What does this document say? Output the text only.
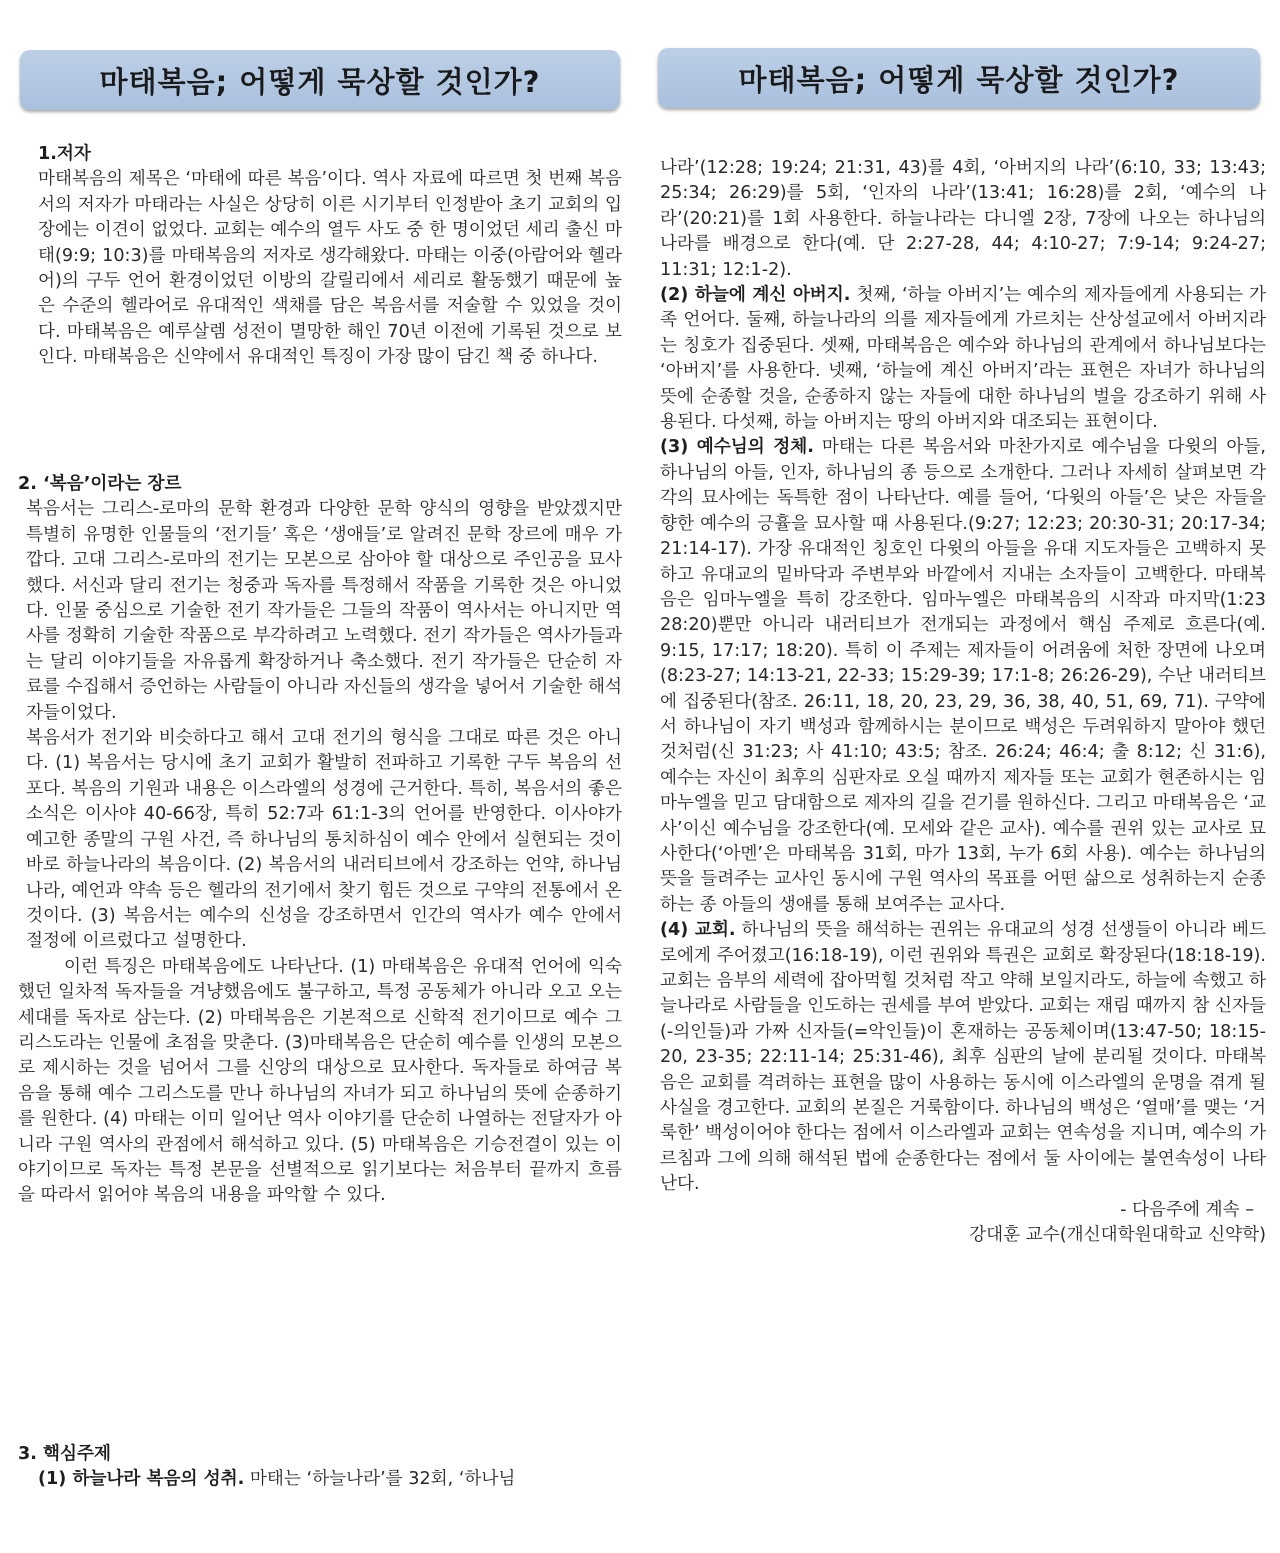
마태복음; 어떻게 묵상할 것인가?
1.저자

마태복음의 제목은 ‘마태에 따른 복음’이다. 역사 자료에 따르면 첫 번째 복음서의 저자가 마태라는 사실은 상당히 이른 시기부터 인정받아 초기 교회의 입장에는 이견이 없었다. 교회는 예수의 열두 사도 중 한 명이었던 세리 출신 마태(9:9; 10:3)를 마태복음의 저자로 생각해왔다. 마태는 이중(아람어와 헬라어)의 구두 언어 환경이었던 이방의 갈릴리에서 세리로 활동했기 때문에 높은 수준의 헬라어로 유대적인 색채를 담은 복음서를 저술할 수 있었을 것이다. 마태복음은 예루살렘 성전이 멸망한 해인 70년 이전에 기록된 것으로 보인다. 마태복음은 신약에서 유대적인 특징이 가장 많이 담긴 책 중 하나다.

2. ‘복음’이라는 장르

복음서는 그리스-로마의 문학 환경과 다양한 문학 양식의 영향을 받았겠지만 특별히 유명한 인물들의 ‘전기들’ 혹은 ‘생애들’로 알려진 문학 장르에 매우 가깝다. 고대 그리스-로마의 전기는 모본으로 삼아야 할 대상으로 주인공을 묘사했다. 서신과 달리 전기는 청중과 독자를 특정해서 작품을 기록한 것은 아니었다. 인물 중심으로 기술한 전기 작가들은 그들의 작품이 역사서는 아니지만 역사를 정확히 기술한 작품으로 부각하려고 노력했다. 전기 작가들은 역사가들과는 달리 이야기들을 자유롭게 확장하거나 축소했다. 전기 작가들은 단순히 자료를 수집해서 증언하는 사람들이 아니라 자신들의 생각을 넣어서 기술한 해석자들이었다.

복음서가 전기와 비슷하다고 해서 고대 전기의 형식을 그대로 따른 것은 아니다. (1) 복음서는 당시에 초기 교회가 활발히 전파하고 기록한 구두 복음의 선포다. 복음의 기원과 내용은 이스라엘의 성경에 근거한다. 특히, 복음서의 좋은 소식은 이사야 40-66장, 특히 52:7과 61:1-3의 언어를 반영한다. 이사야가 예고한 종말의 구원 사건, 즉 하나님의 통치하심이 예수 안에서 실현되는 것이 바로 하늘나라의 복음이다. (2) 복음서의 내러티브에서 강조하는 언약, 하나님 나라, 예언과 약속 등은 헬라의 전기에서 찾기 힘든 것으로 구약의 전통에서 온 것이다. (3) 복음서는 예수의 신성을 강조하면서 인간의 역사가 예수 안에서 절정에 이르렀다고 설명한다.

이런 특징은 마태복음에도 나타난다. (1) 마태복음은 유대적 언어에 익숙했던 일차적 독자들을 겨냥했음에도 불구하고, 특정 공동체가 아니라 오고 오는 세대를 독자로 삼는다. (2) 마태복음은 기본적으로 신학적 전기이므로 예수 그리스도라는 인물에 초점을 맞춘다. (3)마태복음은 단순히 예수를 인생의 모본으로 제시하는 것을 넘어서 그를 신앙의 대상으로 묘사한다. 독자들로 하여금 복음을 통해 예수 그리스도를 만나 하나님의 자녀가 되고 하나님의 뜻에 순종하기를 원한다. (4) 마태는 이미 일어난 역사 이야기를 단순히 나열하는 전달자가 아니라 구원 역사의 관점에서 해석하고 있다. (5) 마태복음은 기승전결이 있는 이야기이므로 독자는 특정 본문을 선별적으로 읽기보다는 처음부터 끝까지 흐름을 따라서 읽어야 복음의 내용을 파악할 수 있다.

3. 핵심주제

(1) 하늘나라 복음의 성취. 마태는 ‘하늘나라’를 32회, ‘하나님

마태복음; 어떻게 묵상할 것인가?

나라’(12:28; 19:24; 21:31, 43)를 4회, ‘아버지의 나라’(6:10, 33; 13:43; 25:34; 26:29)를 5회, ‘인자의 나라’(13:41; 16:28)를 2회, ‘예수의 나라’(20:21)를 1회 사용한다. 하늘나라는 다니엘 2장, 7장에 나오는 하나님의 나라를 배경으로 한다(예. 단 2:27-28, 44; 4:10-27; 7:9-14; 9:24-27; 11:31; 12:1-2).

(2) 하늘에 계신 아버지. 첫째, ‘하늘 아버지’는 예수의 제자들에게 사용되는 가족 언어다. 둘째, 하늘나라의 의를 제자들에게 가르치는 산상설교에서 아버지라는 칭호가 집중된다. 셋째, 마태복음은 예수와 하나님의 관계에서 하나님보다는 ‘아버지’를 사용한다. 넷째, ‘하늘에 계신 아버지’라는 표현은 자녀가 하나님의 뜻에 순종할 것을, 순종하지 않는 자들에 대한 하나님의 벌을 강조하기 위해 사용된다. 다섯째, 하늘 아버지는 땅의 아버지와 대조되는 표현이다.

(3) 예수님의 정체. 마태는 다른 복음서와 마찬가지로 예수님을 다윗의 아들, 하나님의 아들, 인자, 하나님의 종 등으로 소개한다. 그러나 자세히 살펴보면 각각의 묘사에는 독특한 점이 나타난다. 예를 들어, ‘다윗의 아들’은 낮은 자들을 향한 예수의 긍휼을 묘사할 때 사용된다.(9:27; 12:23; 20:30-31; 20:17-34; 21:14-17). 가장 유대적인 칭호인 다윗의 아들을 유대 지도자들은 고백하지 못하고 유대교의 밑바닥과 주변부와 바깥에서 지내는 소자들이 고백한다. 마태복음은 임마누엘을 특히 강조한다. 임마누엘은 마태복음의 시작과 마지막(1:23 28:20)뿐만 아니라 내러티브가 전개되는 과정에서 핵심 주제로 흐른다(예. 9:15, 17:17; 18:20). 특히 이 주제는 제자들이 어려움에 처한 장면에 나오며(8:23-27; 14:13-21, 22-33; 15:29-39; 17:1-8; 26:26-29), 수난 내러티브에 집중된다(참조. 26:11, 18, 20, 23, 29, 36, 38, 40, 51, 69, 71). 구약에서 하나님이 자기 백성과 함께하시는 분이므로 백성은 두려워하지 말아야 했던 것처럼(신 31:23; 사 41:10; 43:5; 참조. 26:24; 46:4; 출 8:12; 신 31:6), 예수는 자신이 최후의 심판자로 오실 때까지 제자들 또는 교회가 현존하시는 임마누엘을 믿고 담대함으로 제자의 길을 걷기를 원하신다. 그리고 마태복음은 ‘교사’이신 예수님을 강조한다(예. 모세와 같은 교사). 예수를 권위 있는 교사로 묘사한다(‘아멘’은 마태복음 31회, 마가 13회, 누가 6회 사용). 예수는 하나님의 뜻을 들려주는 교사인 동시에 구원 역사의 목표를 어떤 삶으로 성취하는지 순종하는 종 아들의 생애를 통해 보여주는 교사다.

(4) 교회. 하나님의 뜻을 해석하는 권위는 유대교의 성경 선생들이 아니라 베드로에게 주어졌고(16:18-19), 이런 권위와 특권은 교회로 확장된다(18:18-19). 교회는 음부의 세력에 잡아먹힐 것처럼 작고 약해 보일지라도, 하늘에 속했고 하늘나라로 사람들을 인도하는 권세를 부여 받았다. 교회는 재림 때까지 참 신자들(-의인들)과 가짜 신자들(=악인들)이 혼재하는 공동체이며(13:47-50; 18:15-20, 23-35; 22:11-14; 25:31-46), 최후 심판의 날에 분리될 것이다. 마태복음은 교회를 격려하는 표현을 많이 사용하는 동시에 이스라엘의 운명을 겪게 될 사실을 경고한다. 교회의 본질은 거룩함이다. 하나님의 백성은 ‘열매’를 맺는 ‘거룩한’ 백성이어야 한다는 점에서 이스라엘과 교회는 연속성을 지니며, 예수의 가르침과 그에 의해 해석된 법에 순종한다는 점에서 둘 사이에는 불연속성이 나타난다.

- 다음주에 계속 –

강대훈 교수(개신대학원대학교 신약학)
